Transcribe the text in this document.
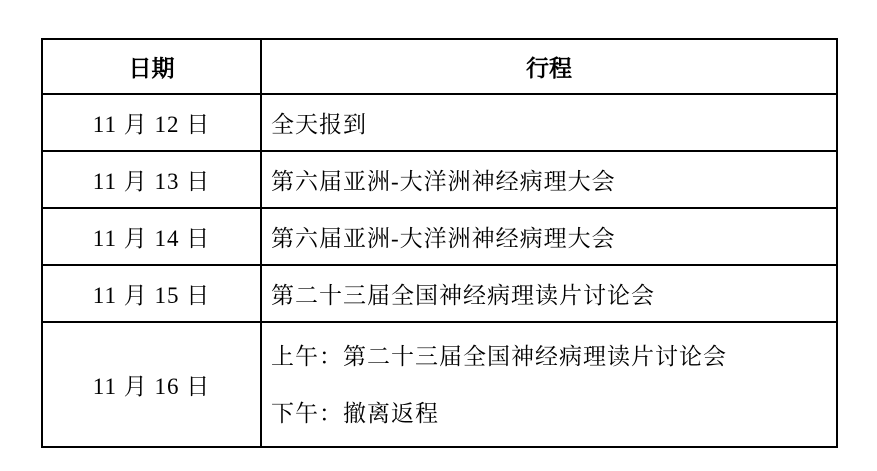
日期	行程
11 月 12 日	全天报到

11 月 13 日	第六届亚洲-大洋洲神经病理大会

11 月 14 日	第六届亚洲-大洋洲神经病理大会

11 月 15 日	第二十三届全国神经病理读片讨论会

11 月 16 日	上午：第二十三届全国神经病理读片讨论会
下午：撤离返程
